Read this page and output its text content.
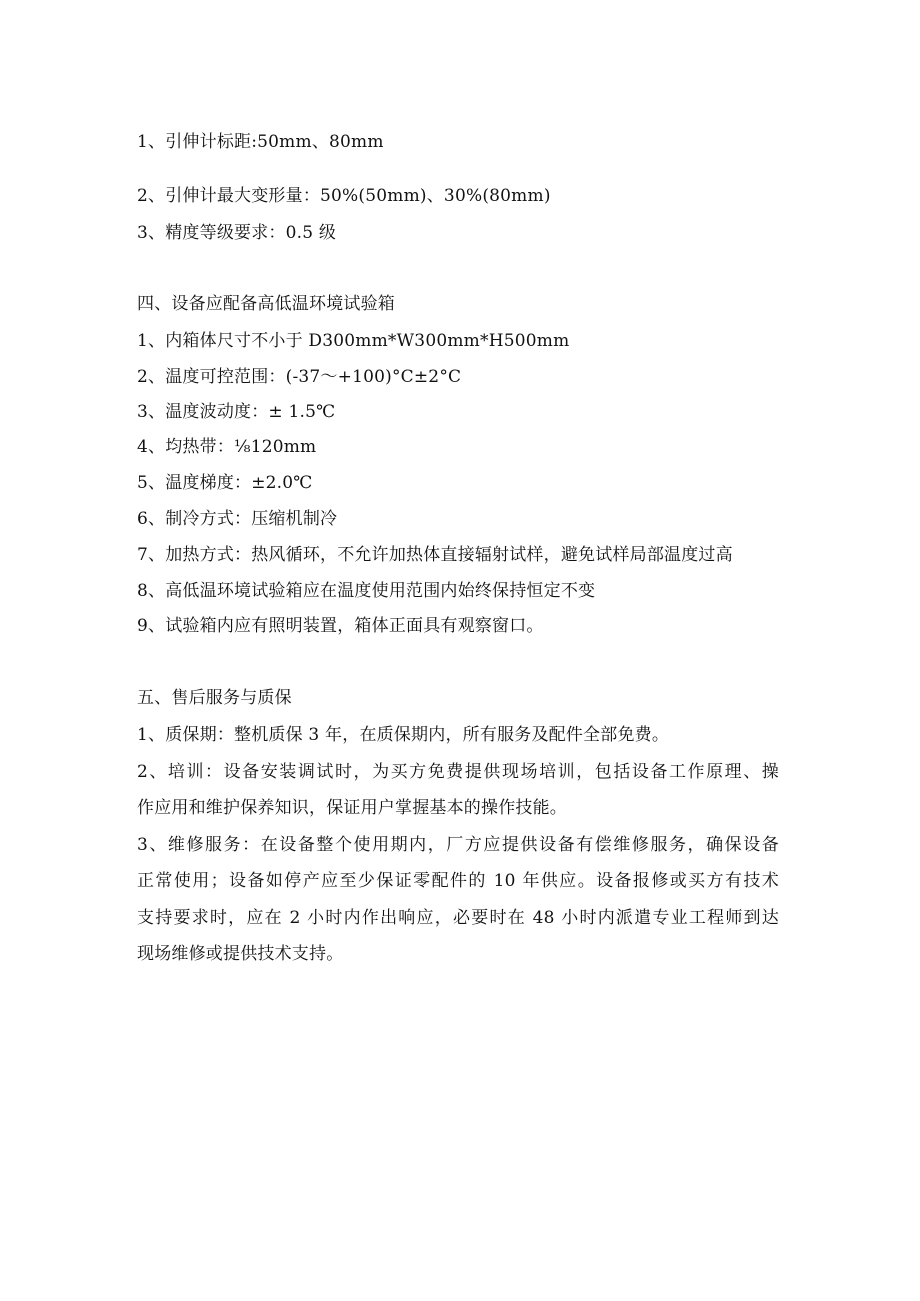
1、引伸计标距:50mm、80mm
2、引伸计最大变形量：50%(50mm)、30%(80mm)
3、精度等级要求：0.5 级
四、设备应配备高低温环境试验箱
1、内箱体尺寸不小于 D300mm*W300mm*H500mm
2、温度可控范围：(-37～+100)°C±2°C
3、温度波动度：± 1.5℃
4、均热带：⅛120mm
5、温度梯度：±2.0℃
6、制冷方式：压缩机制冷
7、加热方式：热风循环，不允许加热体直接辐射试样，避免试样局部温度过高
8、高低温环境试验箱应在温度使用范围内始终保持恒定不变
9、试验箱内应有照明装置，箱体正面具有观察窗口。
五、售后服务与质保
1、质保期：整机质保 3 年，在质保期内，所有服务及配件全部免费。
2、培训：设备安装调试时，为买方免费提供现场培训，包括设备工作原理、操
作应用和维护保养知识，保证用户掌握基本的操作技能。
3、维修服务：在设备整个使用期内，厂方应提供设备有偿维修服务，确保设备
正常使用；设备如停产应至少保证零配件的 10 年供应。设备报修或买方有技术
支持要求时，应在 2 小时内作出响应，必要时在 48 小时内派遣专业工程师到达
现场维修或提供技术支持。
